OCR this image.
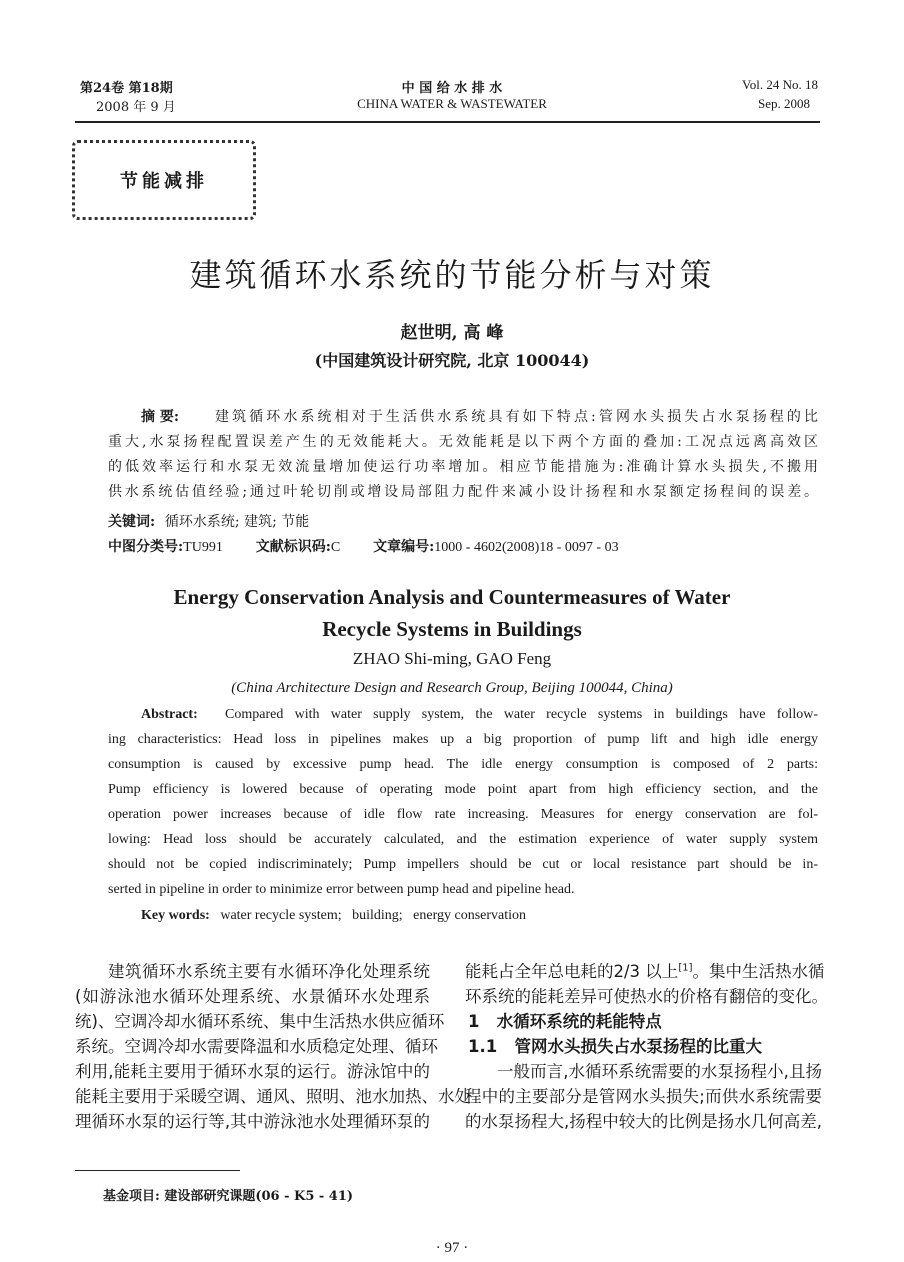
第24卷 第18期
2008 年 9 月
中 国 给 水 排 水
CHINA WATER & WASTEWATER
Vol. 24 No. 18
Sep. 2008
节能减排
建筑循环水系统的节能分析与对策
赵世明, 高 峰
(中国建筑设计研究院, 北京 100044)
摘 要:	建筑循环水系统相对于生活供水系统具有如下特点:管网水头损失占水泵扬程的比
重大,水泵扬程配置误差产生的无效能耗大。无效能耗是以下两个方面的叠加:工况点远离高效区
的低效率运行和水泵无效流量增加使运行功率增加。相应节能措施为:准确计算水头损失,不搬用
供水系统估值经验;通过叶轮切削或增设局部阻力配件来减小设计扬程和水泵额定扬程间的误差。
关键词: 循环水系统; 建筑; 节能
中图分类号:TU991 文献标识码:C 文章编号:1000 - 4602(2008)18 - 0097 - 03
Energy Conservation Analysis and Countermeasures of Water
Recycle Systems in Buildings
ZHAO Shi-ming, GAO Feng
(China Architecture Design and Research Group, Beijing 100044, China)
Abstract: Compared with water supply system, the water recycle systems in buildings have follow-
ing characteristics: Head loss in pipelines makes up a big proportion of pump lift and high idle energy
consumption is caused by excessive pump head. The idle energy consumption is composed of 2 parts:
Pump efficiency is lowered because of operating mode point apart from high efficiency section, and the
operation power increases because of idle flow rate increasing. Measures for energy conservation are fol-
lowing: Head loss should be accurately calculated, and the estimation experience of water supply system
should not be copied indiscriminately; Pump impellers should be cut or local resistance part should be in-
serted in pipeline in order to minimize error between pump head and pipeline head.
Key words: water recycle system;   building;   energy conservation
建筑循环水系统主要有水循环净化处理系统
(如游泳池水循环处理系统、水景循环水处理系
统)、空调冷却水循环系统、集中生活热水供应循环
系统。空调冷却水需要降温和水质稳定处理、循环
利用,能耗主要用于循环水泵的运行。游泳馆中的
能耗主要用于采暖空调、通风、照明、池水加热、水处
理循环水泵的运行等,其中游泳池水处理循环泵的
能耗占全年总电耗的2/3 以上[1]。集中生活热水循
环系统的能耗差异可使热水的价格有翻倍的变化。
1   水循环系统的耗能特点
1.1   管网水头损失占水泵扬程的比重大
一般而言,水循环系统需要的水泵扬程小,且扬
程中的主要部分是管网水头损失;而供水系统需要
的水泵扬程大,扬程中较大的比例是扬水几何高差,
基金项目: 建设部研究课题(06 - K5 - 41)
· 97 ·
